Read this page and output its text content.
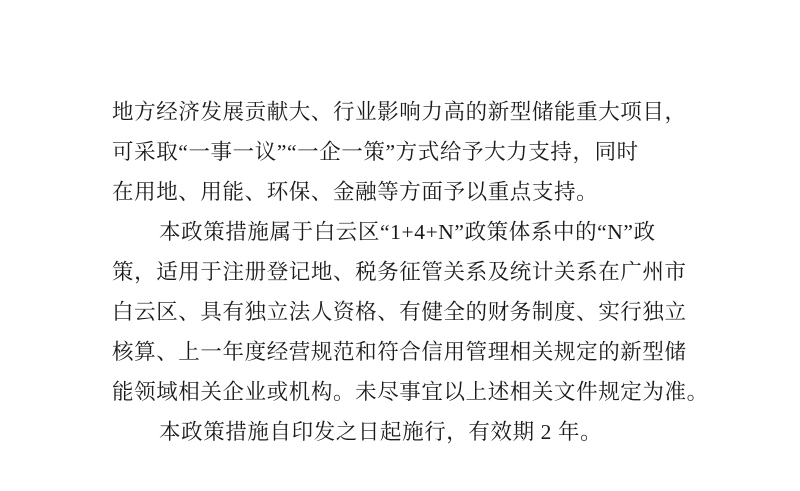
地方经济发展贡献大、行业影响力高的新型储能重大项目，
可采取“一事一议”“一企一策”方式给予大力支持，同时
在用地、用能、环保、金融等方面予以重点支持。
本政策措施属于白云区“1+4+N”政策体系中的“N”政
策，适用于注册登记地、税务征管关系及统计关系在广州市
白云区、具有独立法人资格、有健全的财务制度、实行独立
核算、上一年度经营规范和符合信用管理相关规定的新型储
能领域相关企业或机构。未尽事宜以上述相关文件规定为准。
本政策措施自印发之日起施行，有效期 2 年。
